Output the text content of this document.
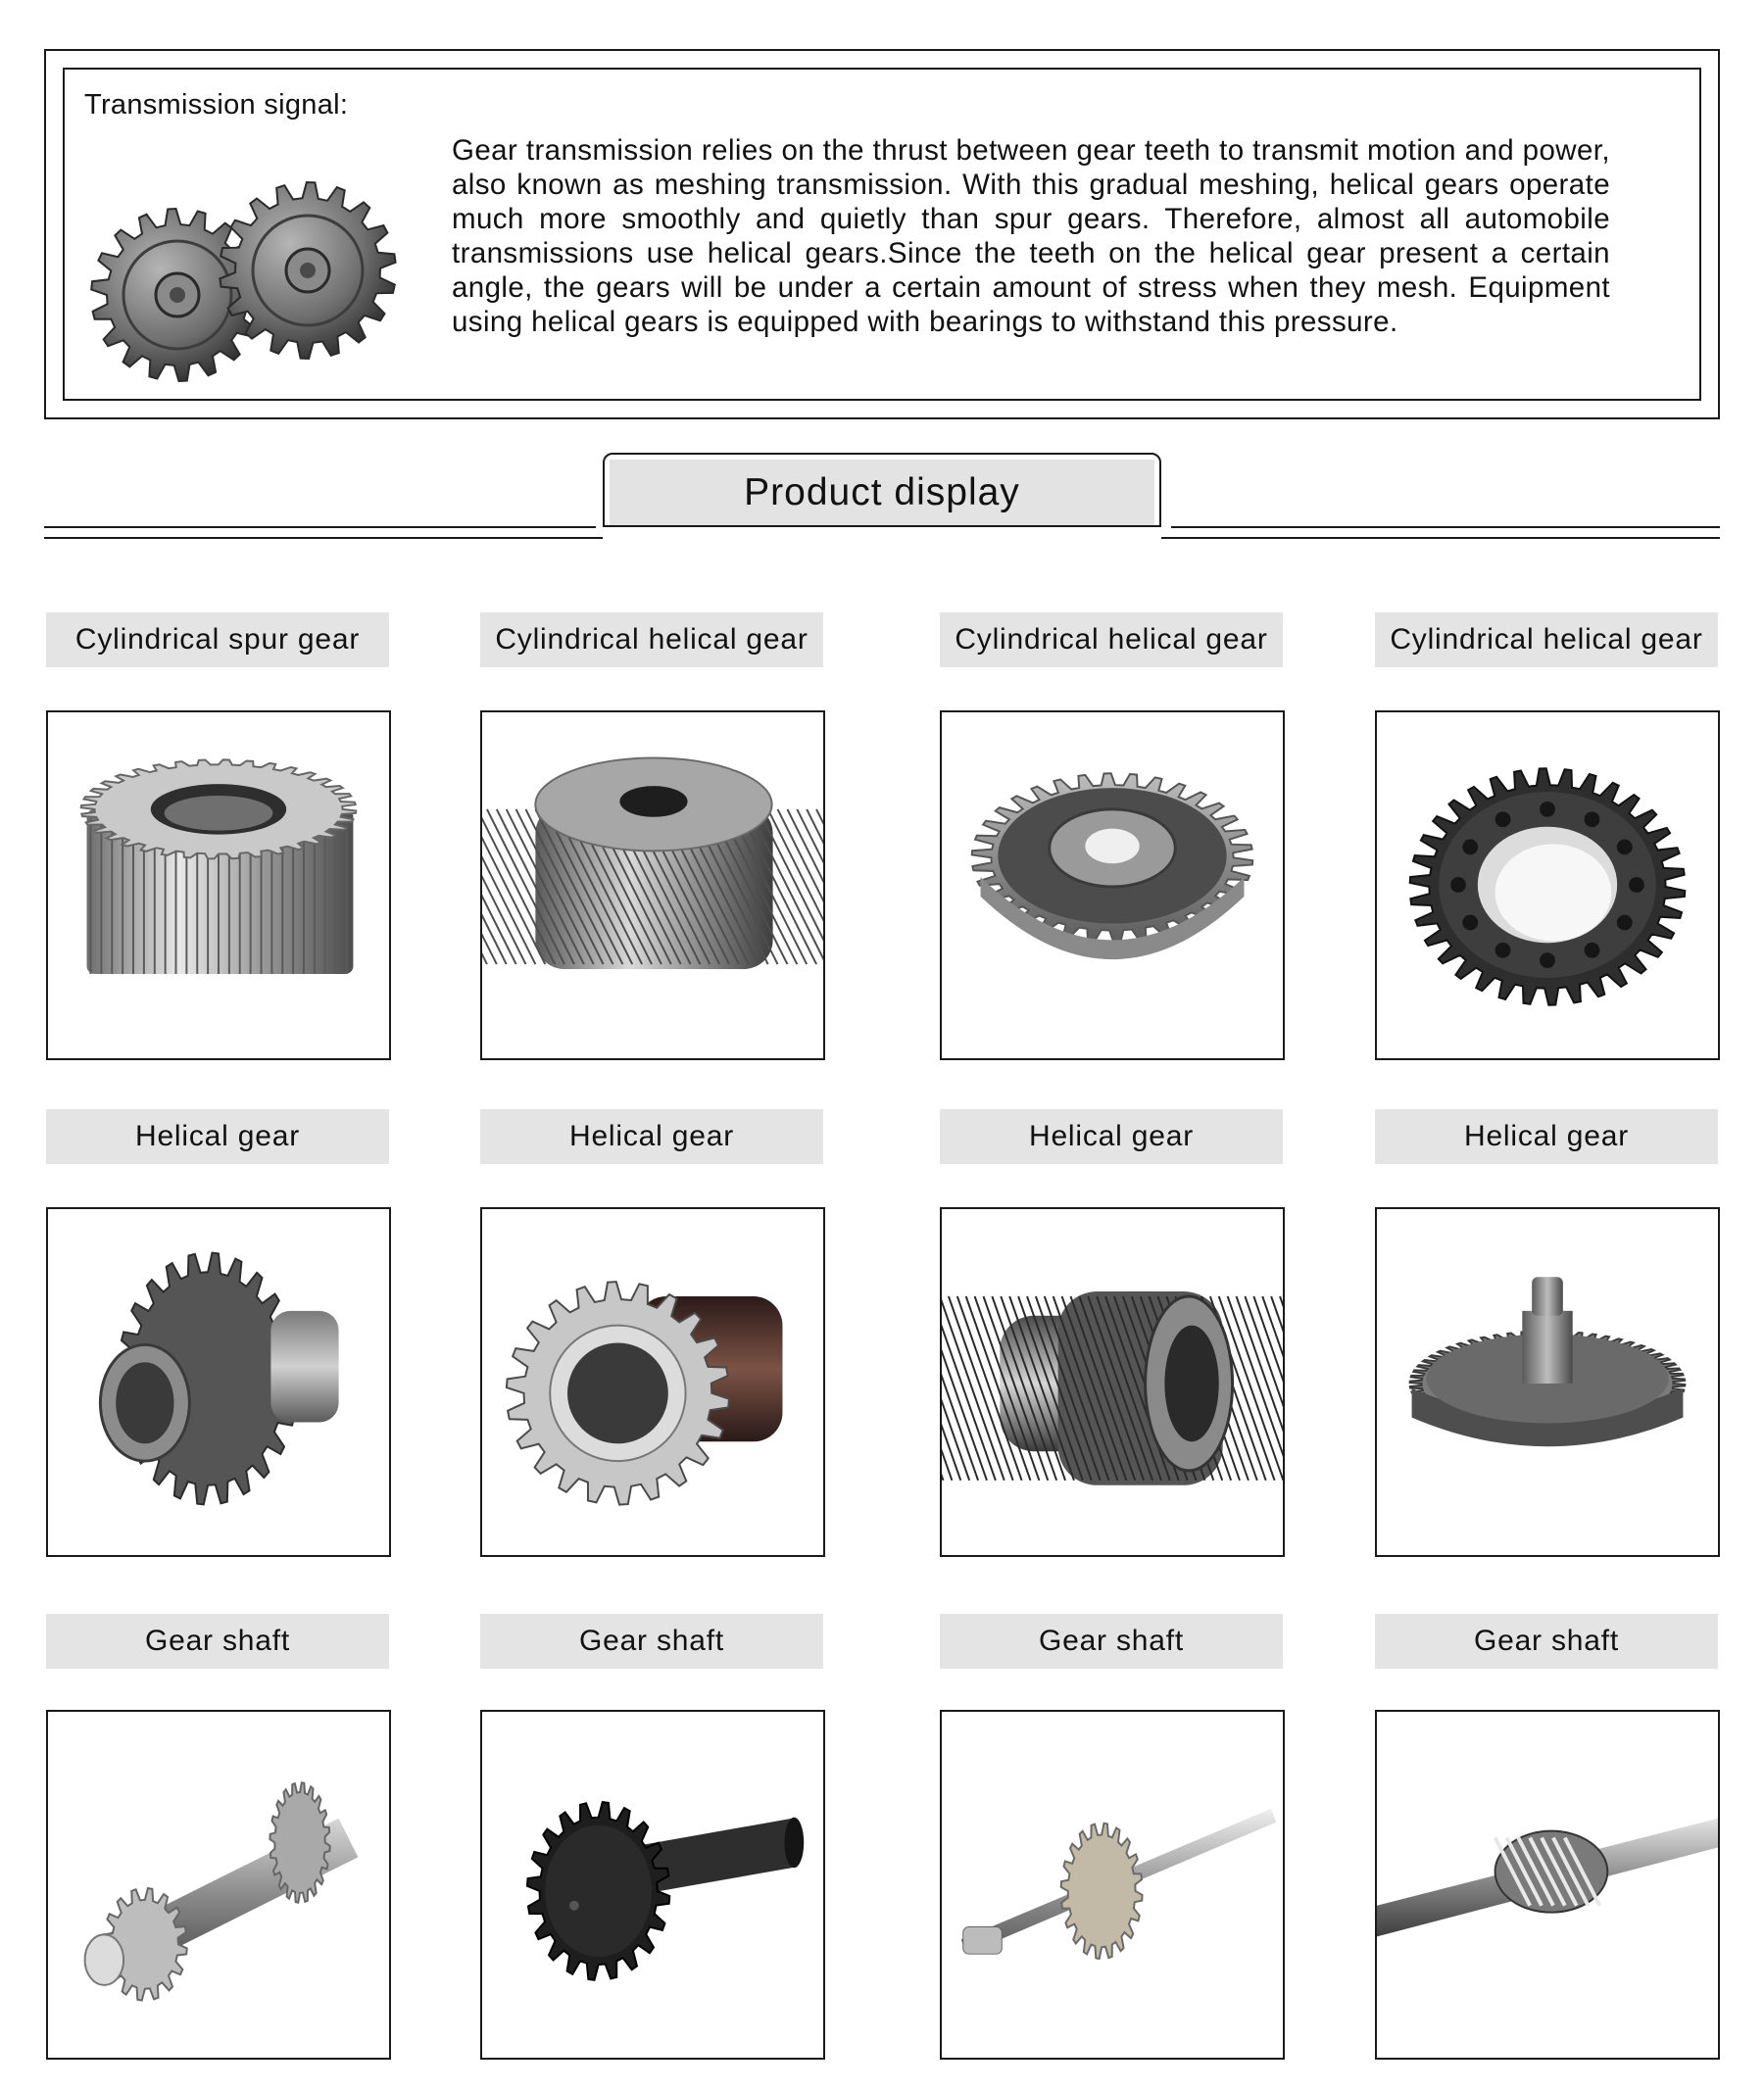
Transmission signal:
Gear transmission relies on the thrust between gear teeth to transmit motion and power, also known as meshing transmission. With this gradual meshing, helical gears operate much more smoothly and quietly than spur gears. Therefore, almost all automobile transmissions use helical gears.Since the teeth on the helical gear present a certain angle, the gears will be under a certain amount of stress when they mesh. Equipment using helical gears is equipped with bearings to withstand this pressure.
Product display
Cylindrical spur gear	Cylindrical helical gear	Cylindrical helical gear	Cylindrical helical gear
Helical gear	Helical gear	Helical gear	Helical gear
Gear shaft	Gear shaft	Gear shaft	Gear shaft
